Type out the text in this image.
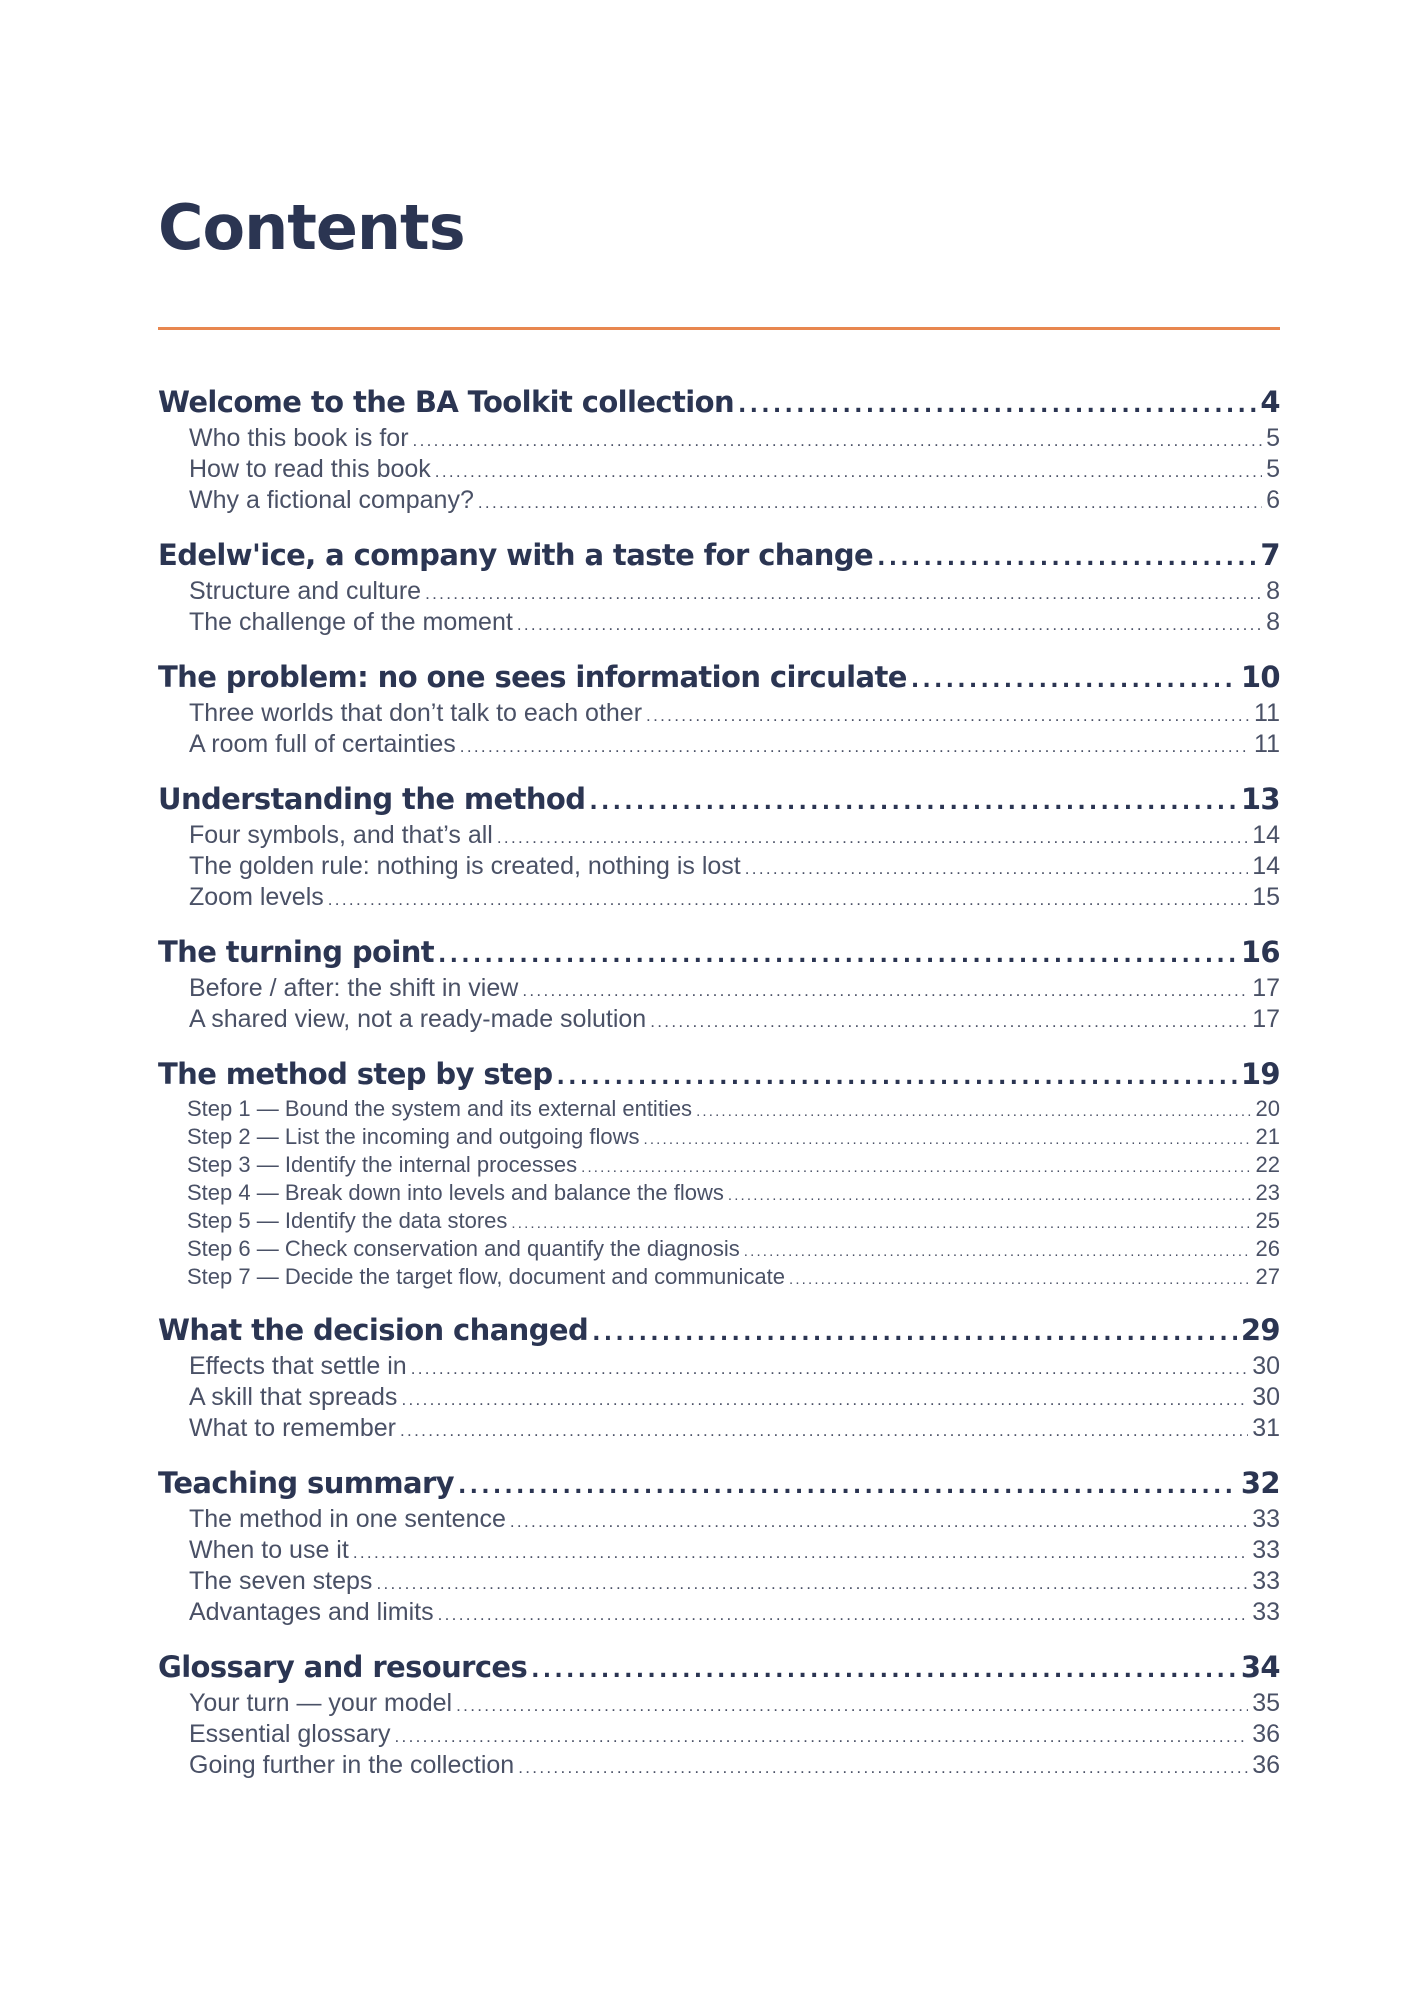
Contents
Welcome to the BA Toolkit collection . . .	4
Who this book is for . . .	5
How to read this book . . .	5
Why a fictional company? . . .	6
Edelw'ice, a company with a taste for change . . .	7
Structure and culture . . .	8
The challenge of the moment . . .	8
The problem: no one sees information circulate . . .	10
Three worlds that don’t talk to each other . . .	11
A room full of certainties . . .	11
Understanding the method . . .	13
Four symbols, and that’s all . . .	14
The golden rule: nothing is created, nothing is lost . . .	14
Zoom levels . . .	15
The turning point . . .	16
Before / after: the shift in view . . .	17
A shared view, not a ready-made solution . . .	17
The method step by step . . .	19
Step 1 — Bound the system and its external entities . . .	20
Step 2 — List the incoming and outgoing flows . . .	21
Step 3 — Identify the internal processes . . .	22
Step 4 — Break down into levels and balance the flows . . .	23
Step 5 — Identify the data stores . . .	25
Step 6 — Check conservation and quantify the diagnosis . . .	26
Step 7 — Decide the target flow, document and communicate . . .	27
What the decision changed . . .	29
Effects that settle in . . .	30
A skill that spreads . . .	30
What to remember . . .	31
Teaching summary . . .	32
The method in one sentence . . .	33
When to use it . . .	33
The seven steps . . .	33
Advantages and limits . . .	33
Glossary and resources . . .	34
Your turn — your model . . .	35
Essential glossary . . .	36
Going further in the collection . . .	36
